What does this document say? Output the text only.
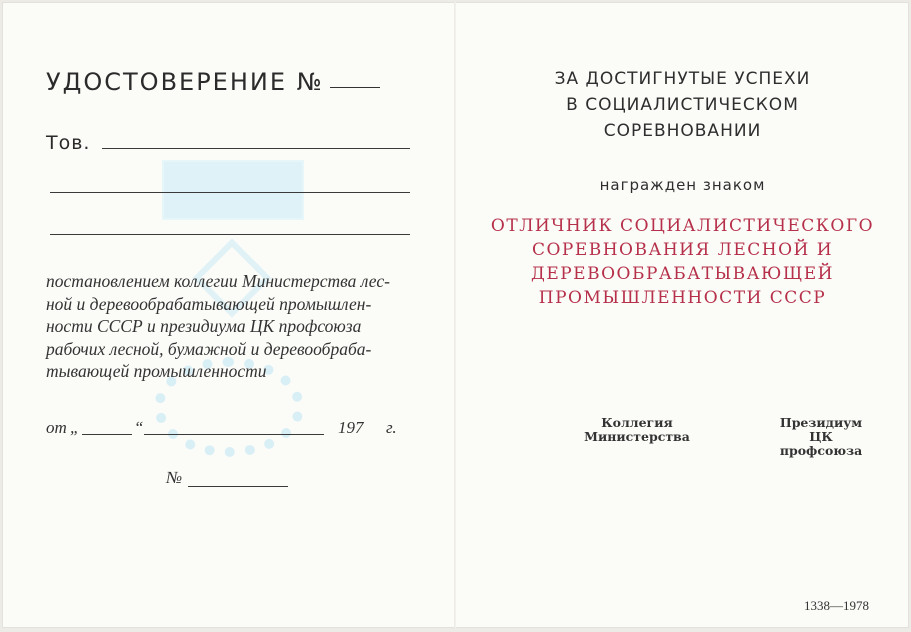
УДОСТОВЕРЕНИЕ №
Тов.
постановлением коллегии Министерства лес-
ной и деревообрабатывающей промышлен-
ности СССР и президиума ЦК профсоюза
рабочих лесной, бумажной и деревообраба-
тывающей промышленности
от „	“	197 г.
№
ЗА ДОСТИГНУТЫЕ УСПЕХИ
В СОЦИАЛИСТИЧЕСКОМ
СОРЕВНОВАНИИ
награжден знаком
ОТЛИЧНИК СОЦИАЛИСТИЧЕСКОГО
СОРЕВНОВАНИЯ ЛЕСНОЙ И
ДЕРЕВООБРАБАТЫВАЮЩЕЙ
ПРОМЫШЛЕННОСТИ СССР
Коллегия
Министерства
Президиум
ЦК профсоюза
1338—1978
